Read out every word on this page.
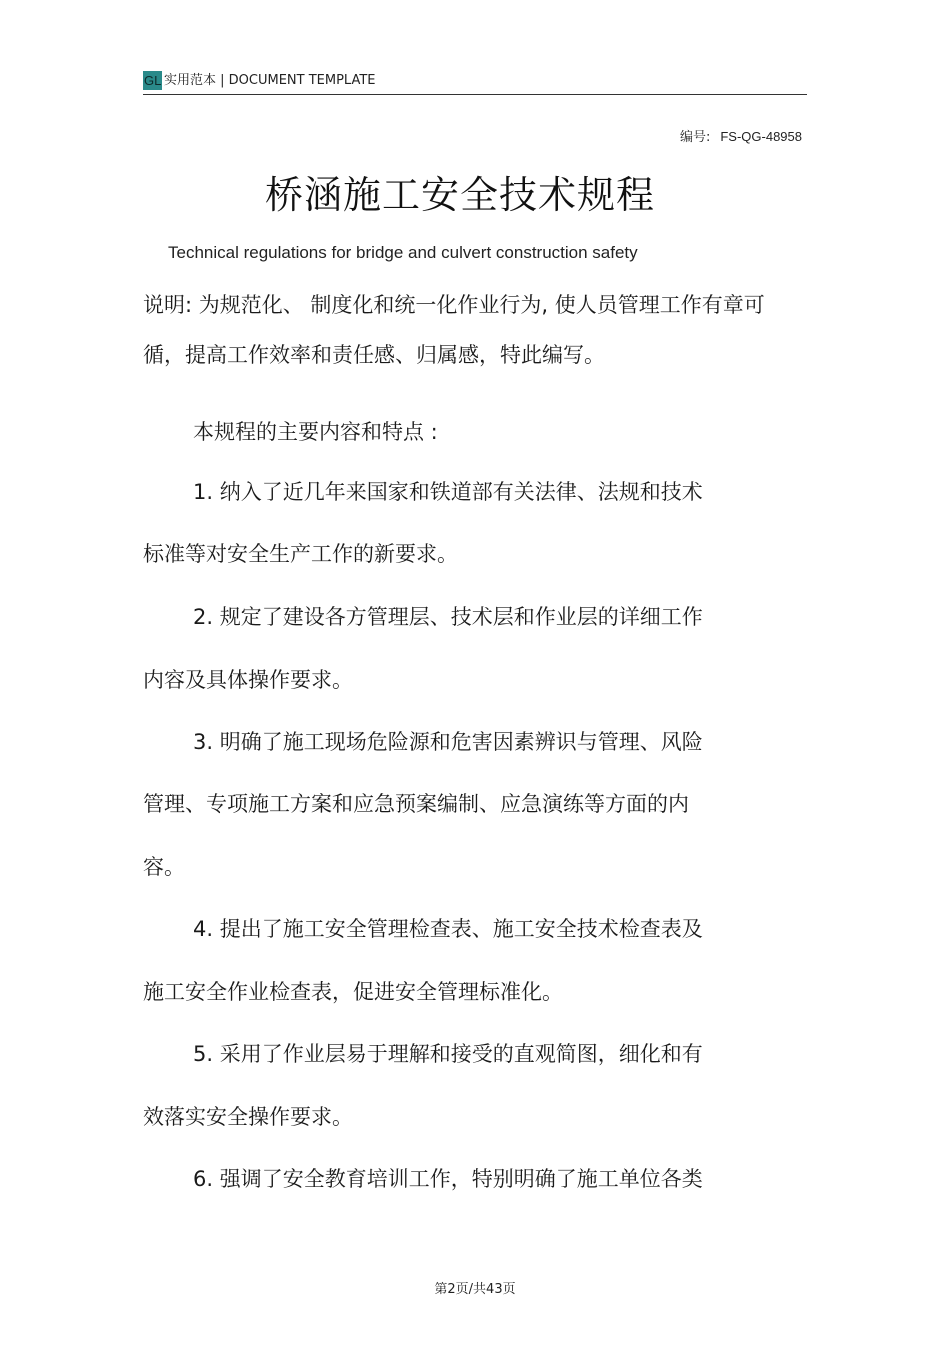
GL 实用范本 | DOCUMENT TEMPLATE
编号: FS-QG-48958
桥涵施工安全技术规程
Technical regulations for bridge and culvert construction safety
说明: 为规范化、 制度化和统一化作业行为, 使人员管理工作有章可
循，提高工作效率和责任感、归属感，特此编写。
本规程的主要内容和特点 :
1. 纳入了近几年来国家和铁道部有关法律、法规和技术
标准等对安全生产工作的新要求。
2. 规定了建设各方管理层、技术层和作业层的详细工作
内容及具体操作要求。
3. 明确了施工现场危险源和危害因素辨识与管理、风险
管理、专项施工方案和应急预案编制、应急演练等方面的内
容。
4. 提出了施工安全管理检查表、施工安全技术检查表及
施工安全作业检查表，促进安全管理标准化。
5. 采用了作业层易于理解和接受的直观简图，细化和有
效落实安全操作要求。
6. 强调了安全教育培训工作，特别明确了施工单位各类
第2页/共43页
